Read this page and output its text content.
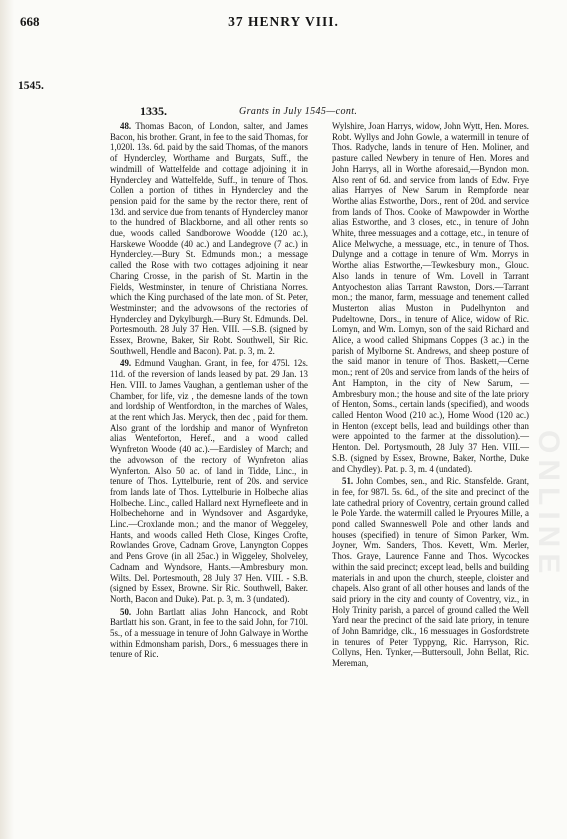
668	37 HENRY VIII.
1545.
1335.	Grants in July 1545—cont.

48. Thomas Bacon, of London, salter, and James Bacon, his brother. Grant, in fee to the said Thomas, for 1,020l. 13s. 6d. paid by the said Thomas, of the manors of Hyndercley, Worthame and Burgats, Suff., the windmill of Wattelfelde and cottage adjoining it in Hyndercley and Wattelfelde, Suff., in tenure of Thos. Collen a portion of tithes in Hyndercley and the pension paid for the same by the rector there, rent of 13d. and service due from tenants of Hyndercley manor to the hundred of Blackborne, and all other rents so due, woods called Sandborowe Woodde (120 ac.), Harskewe Woodde (40 ac.) and Landegrove (7 ac.) in Hyndercley.—Bury St. Edmunds mon.; a message called the Rose with two cottages adjoining it near Charing Crosse, in the parish of St. Martin in the Fields, Westminster, in tenure of Christiana Norres. which the King purchased of the late mon. of St. Peter, Westminster; and the advowsons of the rectories of Hyndercley and Dykylburgh.—Bury St. Edmunds. Del. Portesmouth. 28 July 37 Hen. VIII. —S.B. (signed by Essex, Browne, Baker, Sir Robt. Southwell, Sir Ric. Southwell, Hendle and Bacon). Pat. p. 3, m. 2.

49. Edmund Vaughan. Grant, in fee, for 475l. 12s. 11d. of the reversion of lands leased by pat. 29 Jan. 13 Hen. VIII. to James Vaughan, a gentleman usher of the Chamber, for life, viz , the demesne lands of the town and lordship of Wentfordton, in the marches of Wales, at the rent which Jas. Meryck, then dec , paid for them. Also grant of the lordship and manor of Wynfreton alias Wenteforton, Heref., and a wood called Wynfreton Woode (40 ac.).—Eardisley of March; and the advowson of the rectory of Wynfreton alias Wynferton. Also 50 ac. of land in Tidde, Linc., in tenure of Thos. Lyttelburie, rent of 20s. and service from lands late of Thos. Lyttelburie in Holbeche alias Holbeche. Linc., called Hallard next Hyrnefleete and in Holbechehorne and in Wyndsover and Asgardyke, Linc.—Croxlande mon.; and the manor of Weggeley, Hants, and woods called Heth Close, Kinges Crofte, Rowlandes Grove, Cadnam Grove, Lanyngton Coppes and Pens Grove (in all 25ac.) in Wiggeley, Sholveley, Cadnam and Wyndsore, Hants.—Ambresbury mon. Wilts. Del. Portesmouth, 28 July 37 Hen. VIII. - S.B. (signed by Essex, Browne. Sir Ric. Southwell, Baker. North, Bacon and Duke). Pat. p. 3, m. 3 (undated).

50. John Bartlatt alias John Hancock, and Robt Bartlatt his son. Grant, in fee to the said John, for 710l. 5s., of a messuage in tenure of John Galwaye in Worthe within Edmonsham parish, Dors., 6 messuages there in tenure of Ric.

Wylshire, Joan Harrys, widow, John Wytt, Hen. Mores. Robt. Wyllys and John Gowle, a watermill in tenure of Thos. Radyche, lands in tenure of Hen. Moliner, and pasture called Newbery in tenure of Hen. Mores and John Harrys, all in Worthe aforesaid,—Byndon mon. Also rent of 6d. and service from lands of Edw. Frye alias Harryes of New Sarum in Rempforde near Worthe alias Estworthe, Dors., rent of 20d. and service from lands of Thos. Cooke of Mawpowder in Worthe alias Estworthe, and 3 closes, etc., in tenure of John White, three messuages and a cottage, etc., in tenure of Alice Melwyche, a messuage, etc., in tenure of Thos. Dulynge and a cottage in tenure of Wm. Morrys in Worthe alias Estworthe,—Tewkesbury mon., Glouc. Also lands in tenure of Wm. Lovell in Tarrant Antyocheston alias Tarrant Rawston, Dors.—Tarrant mon.; the manor, farm, messuage and tenement called Musterton alias Muston in Pudelhynton and Pudeltowne, Dors., in tenure of Alice, widow of Ric. Lomyn, and Wm. Lomyn, son of the said Richard and Alice, a wood called Shipmans Coppes (3 ac.) in the parish of Mylborne St. Andrews, and sheep posture of the said manor in tenure of Thos. Baskett,—Cerne mon.; rent of 20s and service from lands of the heirs of Ant Hampton, in the city of New Sarum, —Ambresbury mon.; the house and site of the late priory of Henton, Soms., certain lands (specified), and woods called Henton Wood (210 ac.), Home Wood (120 ac.) in Henton (except bells, lead and buildings other than were appointed to the farmer at the dissolution).—Henton. Del. Portysmouth, 28 July 37 Hen. VIII.—S.B. (signed by Essex, Browne, Baker, Northe, Duke and Chydley). Pat. p. 3, m. 4 (undated).

51. John Combes, sen., and Ric. Stansfelde. Grant, in fee, for 987l. 5s. 6d., of the site and precinct of the late cathedral priory of Coventry, certain ground called le Pole Yarde. the watermill called le Pryoures Mille, a pond called Swanneswell Pole and other lands and houses (specified) in tenure of Simon Parker, Wm. Joyner, Wm. Sanders, Thos. Kevett, Wm. Merler, Thos. Graye, Laurence Fanne and Thos. Wycockes within the said precinct; except lead, bells and building materials in and upon the church, steeple, cloister and chapels. Also grant of all other houses and lands of the said priory in the city and county of Coventry, viz., in Holy Trinity parish, a parcel of ground called the Well Yard near the precinct of the said late priory, in tenure of John Bamridge, clk., 16 messuages in Gosfordstrete in tenures of Peter Typpyng, Ric. Harryson, Ric. Collyns, Hen. Tynker,—Buttersoull, John Bellat, Ric. Mereman,

ONLINE
